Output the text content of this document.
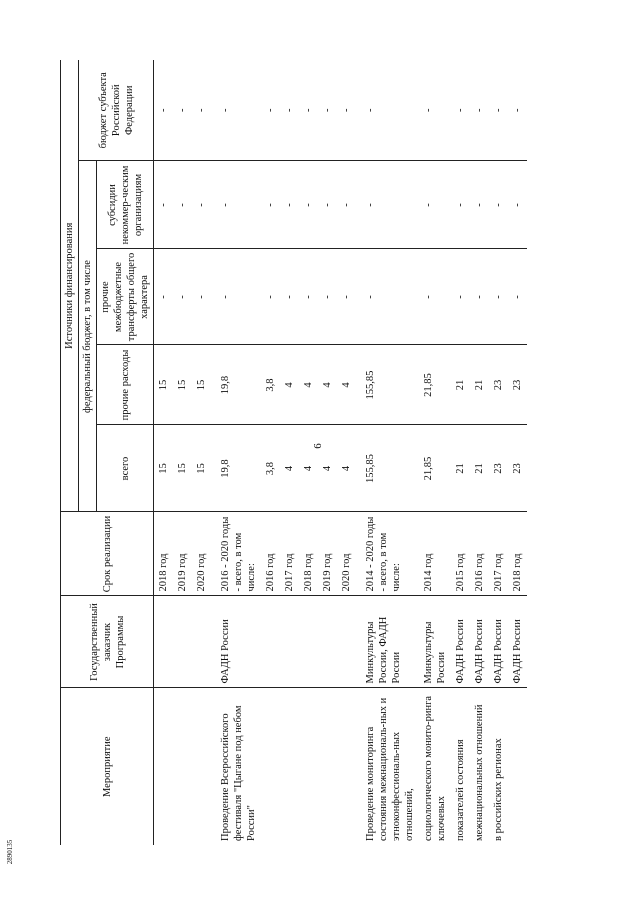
6
2890135
Мероприятие	Государственный заказчик Программы	Срок реализации	Источники финансирования				
			федеральный бюджет, в том числе				бюджет субъекта Российской Федерации
			всего	прочие расходы	прочие межбюджетные трансферты общего характера	субсидии некоммер-ческим организациям	
		2018 год	15	15	-	-	-
		2019 год	15	15	-	-	-
		2020 год	15	15	-	-	-
Проведение Всероссийского фестиваля "Цыгане под небом России"	ФАДН России	2016 - 2020 годы - всего, в том числе:	19,8	19,8	-	-	-
		2016 год	3,8	3,8	-	-	-
		2017 год	4	4	-	-	-
		2018 год	4	4	-	-	-
		2019 год	4	4	-	-	-
		2020 год	4	4	-	-	-
Проведение мониторинга состояния межнациональ-ных и этноконфессиональ-ных отношений,	Минкультуры России, ФАДН России	2014 - 2020 годы - всего, в том числе:	155,85	155,85	-	-	-
социологического монито-ринга ключевых	Минкультуры России	2014 год	21,85	21,85	-	-	-
показателей состояния	ФАДН России	2015 год	21	21	-	-	-
межнациональных отношений	ФАДН России	2016 год	21	21	-	-	-
в российских регионах	ФАДН России	2017 год	23	23	-	-	-
	ФАДН России	2018 год	23	23	-	-	-
